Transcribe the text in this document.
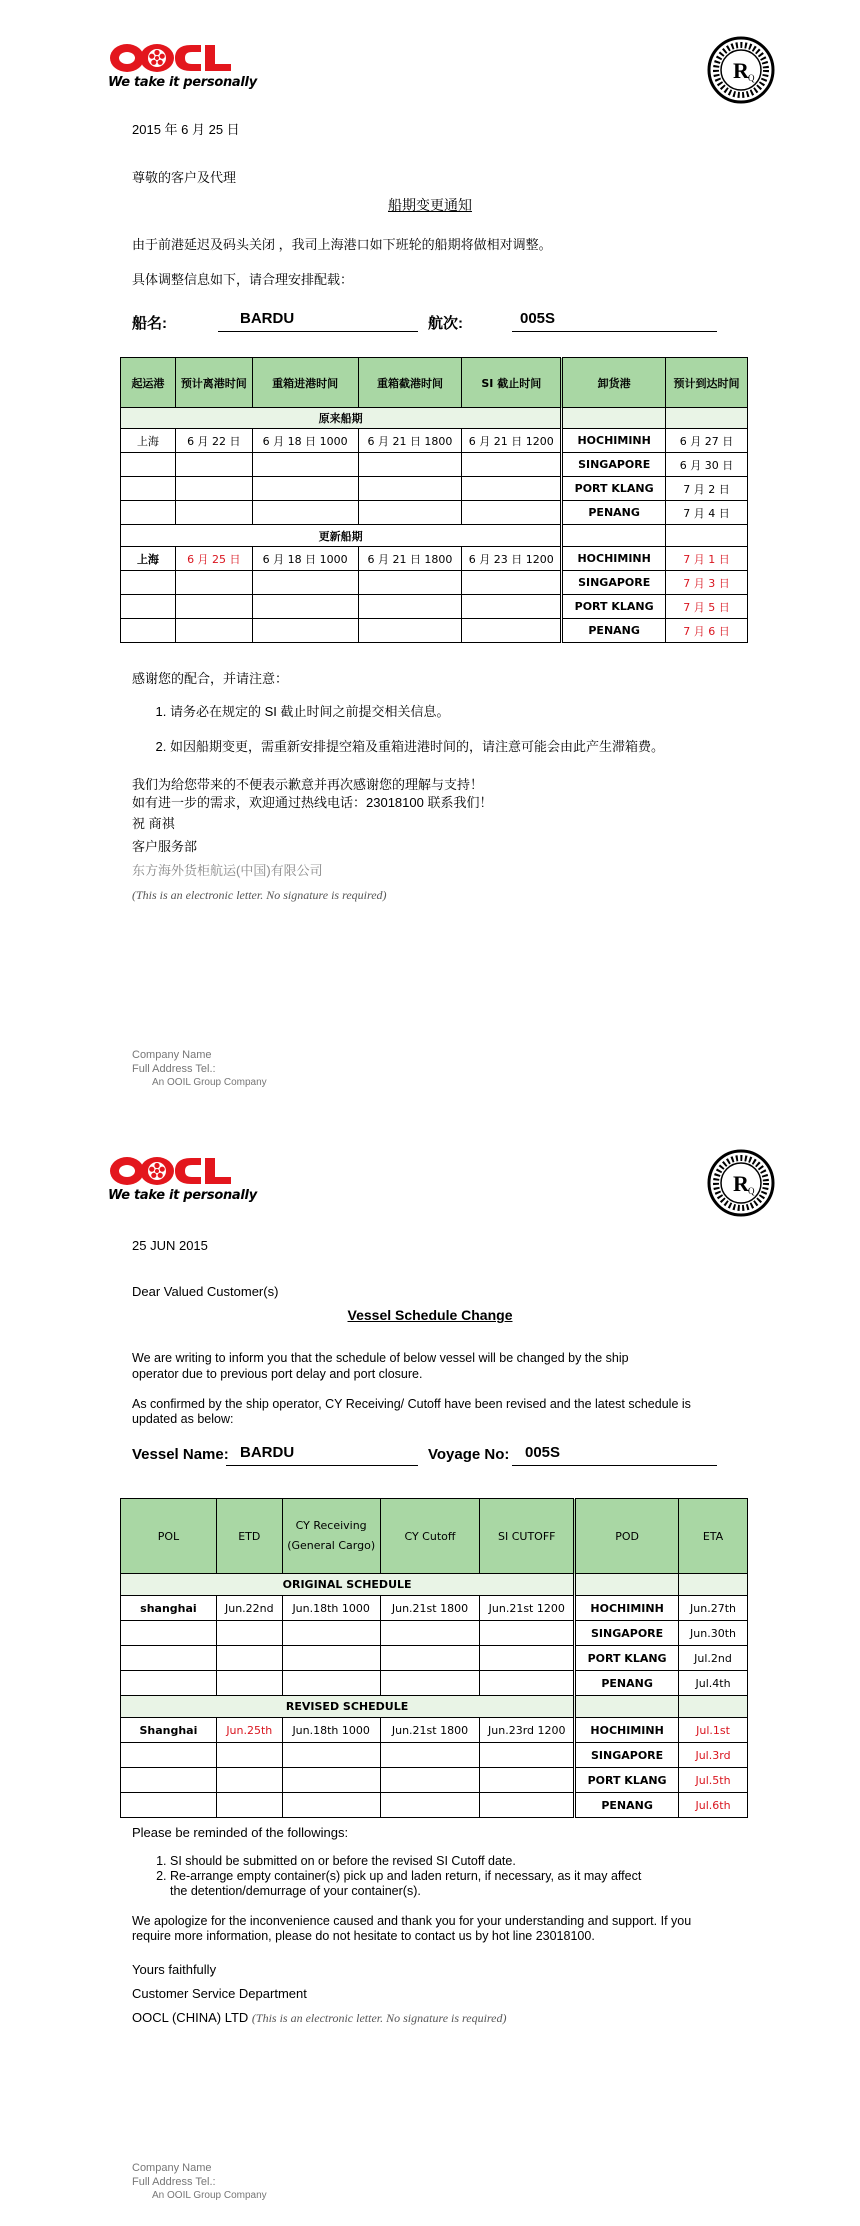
We take it personally	R Q
2015 年 6 月 25 日
尊敬的客户及代理
船期变更通知
由于前港延迟及码头关闭 ，我司上海港口如下班轮的船期将做相对调整。
具体调整信息如下，请合理安排配载：
船名:	BARDU	航次:	005S
起运港	预计离港时间	重箱进港时间	重箱截港时间	SI 截止时间	卸货港	预计到达时间
原来船期						
上海	6 月 22 日	6 月 18 日 1000	6 月 21 日 1800	6 月 21 日 1200	HOCHIMINH	6 月 27 日
					SINGAPORE	6 月 30 日
					PORT KLANG	7 月 2 日
					PENANG	7 月 4 日
更新船期						
上海	6 月 25 日	6 月 18 日 1000	6 月 21 日 1800	6 月 23 日 1200	HOCHIMINH	7 月 1 日
					SINGAPORE	7 月 3 日
					PORT KLANG	7 月 5 日
					PENANG	7 月 6 日
感谢您的配合，并请注意：
1. 请务必在规定的 SI 截止时间之前提交相关信息。
2. 如因船期变更，需重新安排提空箱及重箱进港时间的，请注意可能会由此产生滞箱费。
我们为给您带来的不便表示歉意并再次感谢您的理解与支持！
如有进一步的需求，欢迎通过热线电话：23018100 联系我们！
祝 商祺
客户服务部
东方海外货柜航运(中国)有限公司
(This is an electronic letter. No signature is required)
Company Name
Full Address Tel.:
An OOIL Group Company
We take it personally	R Q
25 JUN 2015
Dear Valued Customer(s)
Vessel Schedule Change
We are writing to inform you that the schedule of below vessel will be changed by the ship
operator due to previous port delay and port closure.
As confirmed by the ship operator, CY Receiving/ Cutoff have been revised and the latest schedule is
updated as below:
Vessel Name: BARDU	Voyage No: 005S
POL	ETD	CY Receiving (General Cargo)	CY Cutoff	SI CUTOFF	POD	ETA
ORIGINAL SCHEDULE						
shanghai	Jun.22nd	Jun.18th 1000	Jun.21st 1800	Jun.21st 1200	HOCHIMINH	Jun.27th
					SINGAPORE	Jun.30th
					PORT KLANG	Jul.2nd
					PENANG	Jul.4th
REVISED SCHEDULE						
Shanghai	Jun.25th	Jun.18th 1000	Jun.21st 1800	Jun.23rd 1200	HOCHIMINH	Jul.1st
					SINGAPORE	Jul.3rd
					PORT KLANG	Jul.5th
					PENANG	Jul.6th
Please be reminded of the followings:
1. SI should be submitted on or before the revised SI Cutoff date.
2. Re-arrange empty container(s) pick up and laden return, if necessary, as it may affect
the detention/demurrage of your container(s).
We apologize for the inconvenience caused and thank you for your understanding and support. If you
require more information, please do not hesitate to contact us by hot line 23018100.
Yours faithfully
Customer Service Department
OOCL (CHINA) LTD (This is an electronic letter. No signature is required)
Company Name
Full Address Tel.:
An OOIL Group Company
